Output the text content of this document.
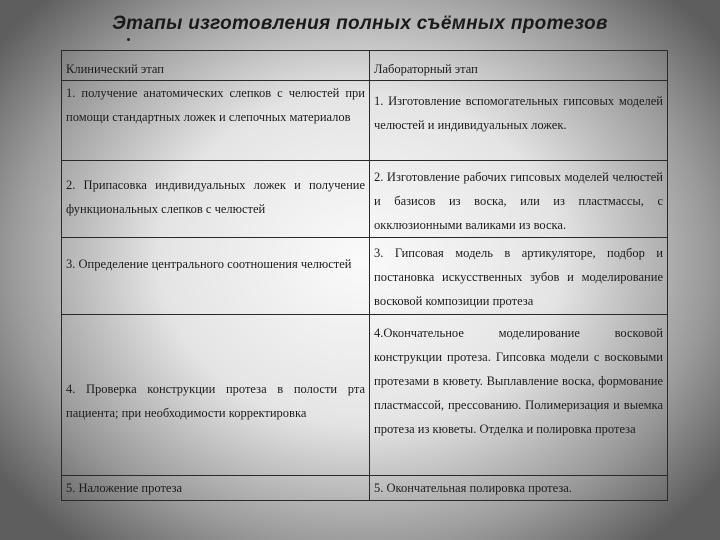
Этапы изготовления полных съёмных протезов
Клинический этап	Лабораторный этап

1. получение анатомических слепков с челюстей при помощи стандартных ложек и слепочных материалов	1. Изготовление вспомогательных гипсовых моделей челюстей и индивидуальных ложек.

2. Припасовка индивидуальных ложек и получение функциональных слепков с челюстей	2. Изготовление рабочих гипсовых моделей челюстей и базисов из воска, или из пластмассы, с окклюзионными валиками из воска.

3. Определение центрального соотношения челюстей	3. Гипсовая модель в артикуляторе, подбор и постановка искусственных зубов и моделирование восковой композиции протеза

4. Проверка конструкции протеза в полости рта пациента; при необходимости корректировка	4.Окончательное моделирование восковой конструкции протеза. Гипсовка модели с восковыми протезами в кювету. Выплавление воска, формование пластмассой, прессованию. Полимеризация и выемка протеза из кюветы. Отделка и полировка протеза

5. Наложение протеза	5. Окончательная полировка протеза.
